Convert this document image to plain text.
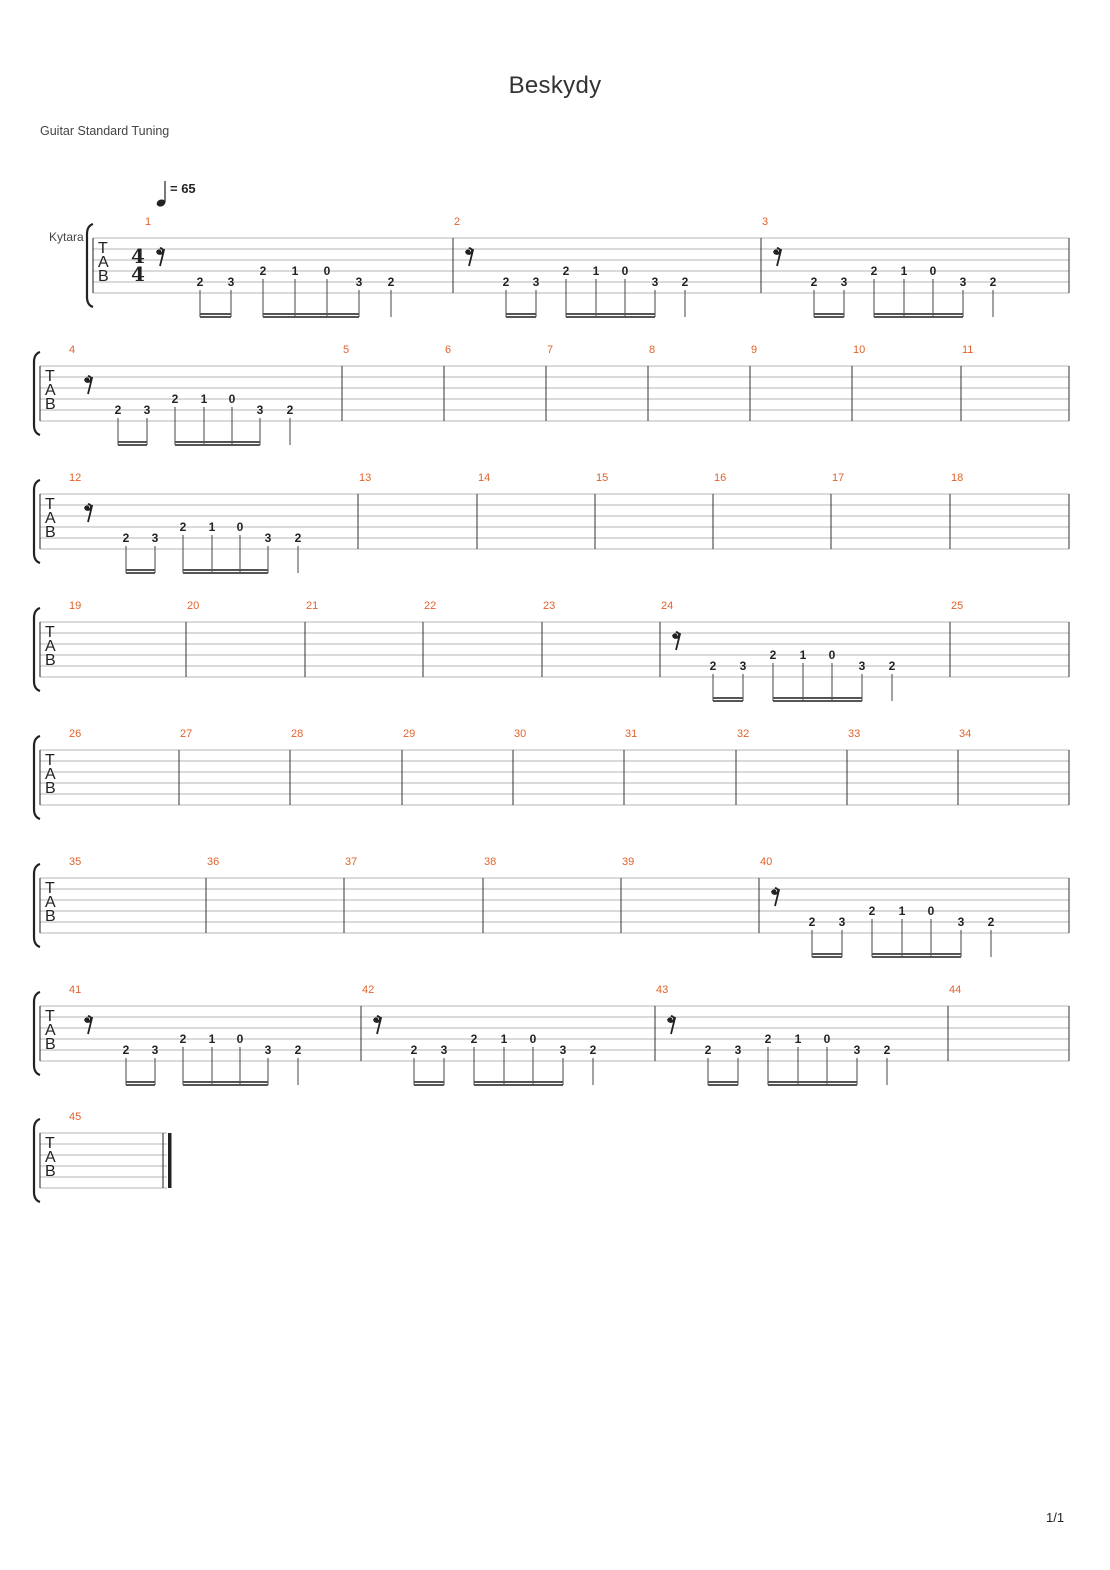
Beskydy
Guitar Standard Tuning
= 65
Kytara
T
A
B
4
4
1
2 3
2 1 0
3 2
2
2 3
2 1 0
3 2
3
2 3
2 1 0
3 2
T
A
B
4
2 3
2 1 0
3 2
5	6	7	8	9	10	11
T
A
B
12
2 3
2 1 0
3 2
13	14	15	16	17	18
T
A
B
19	20	21	22	23	24
2 3
2 1 0
3 2
25
T
A
B
26	27	28	29	30	31	32	33	34
T
A
B
35	36	37	38	39	40
2 3
2 1 0
3 2
T
A
B
41
2 3
2 1 0
3 2
42
2 3
2 1 0
3 2
43
2 3
2 1 0
3 2
44
T
A
B
45
1/1
